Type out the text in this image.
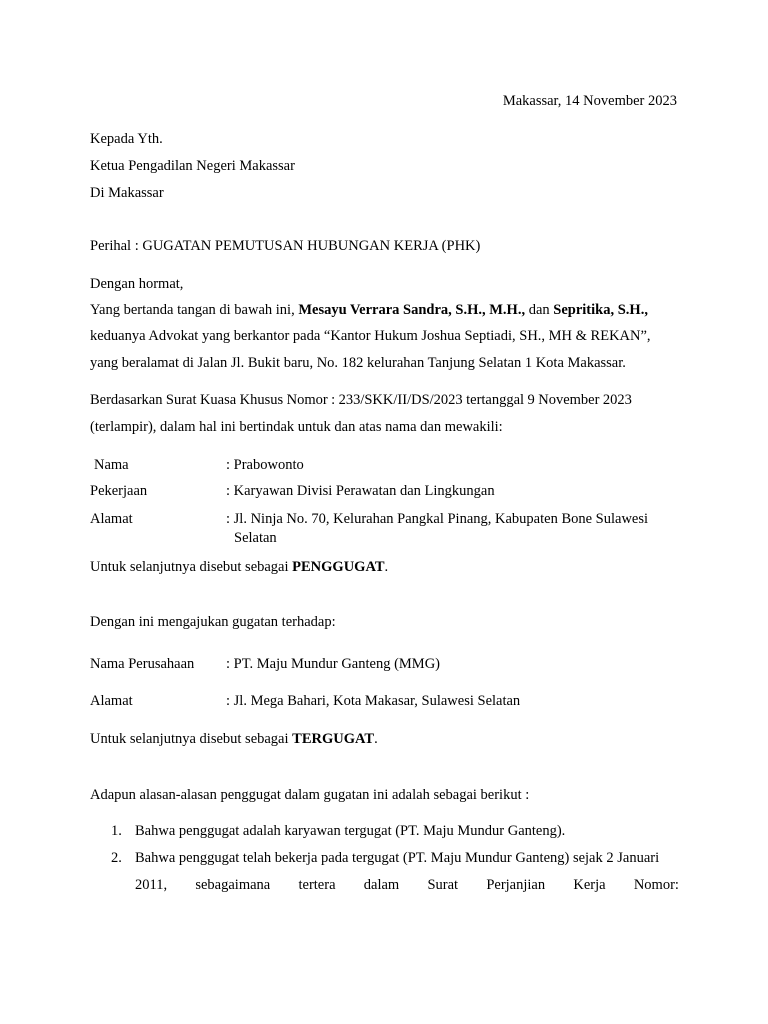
Makassar, 14 November 2023
Kepada Yth.
Ketua Pengadilan Negeri Makassar
Di Makassar
Perihal : GUGATAN PEMUTUSAN HUBUNGAN KERJA (PHK)
Dengan hormat,
Yang bertanda tangan di bawah ini, Mesayu Verrara Sandra, S.H., M.H., dan Sepritika, S.H.,
keduanya Advokat yang berkantor pada “Kantor Hukum Joshua Septiadi, SH., MH & REKAN”,
yang beralamat di Jalan Jl. Bukit baru, No. 182 kelurahan Tanjung Selatan 1 Kota Makassar.
Berdasarkan Surat Kuasa Khusus Nomor : 233/SKK/II/DS/2023 tertanggal 9 November 2023
(terlampir), dalam hal ini bertindak untuk dan atas nama dan mewakili:
Nama	: Prabowonto
Pekerjaan	: Karyawan Divisi Perawatan dan Lingkungan
Alamat	: Jl. Ninja No. 70, Kelurahan Pangkal Pinang, Kabupaten Bone Sulawesi
Selatan
Untuk selanjutnya disebut sebagai PENGGUGAT.
Dengan ini mengajukan gugatan terhadap:
Nama Perusahaan : PT. Maju Mundur Ganteng (MMG)
Alamat	: Jl. Mega Bahari, Kota Makasar, Sulawesi Selatan
Untuk selanjutnya disebut sebagai TERGUGAT.
Adapun alasan-alasan penggugat dalam gugatan ini adalah sebagai berikut :
1. Bahwa penggugat adalah karyawan tergugat (PT. Maju Mundur Ganteng).
2. Bahwa penggugat telah bekerja pada tergugat (PT. Maju Mundur Ganteng) sejak 2 Januari
2011, sebagaimana tertera dalam Surat Perjanjian Kerja Nomor:
